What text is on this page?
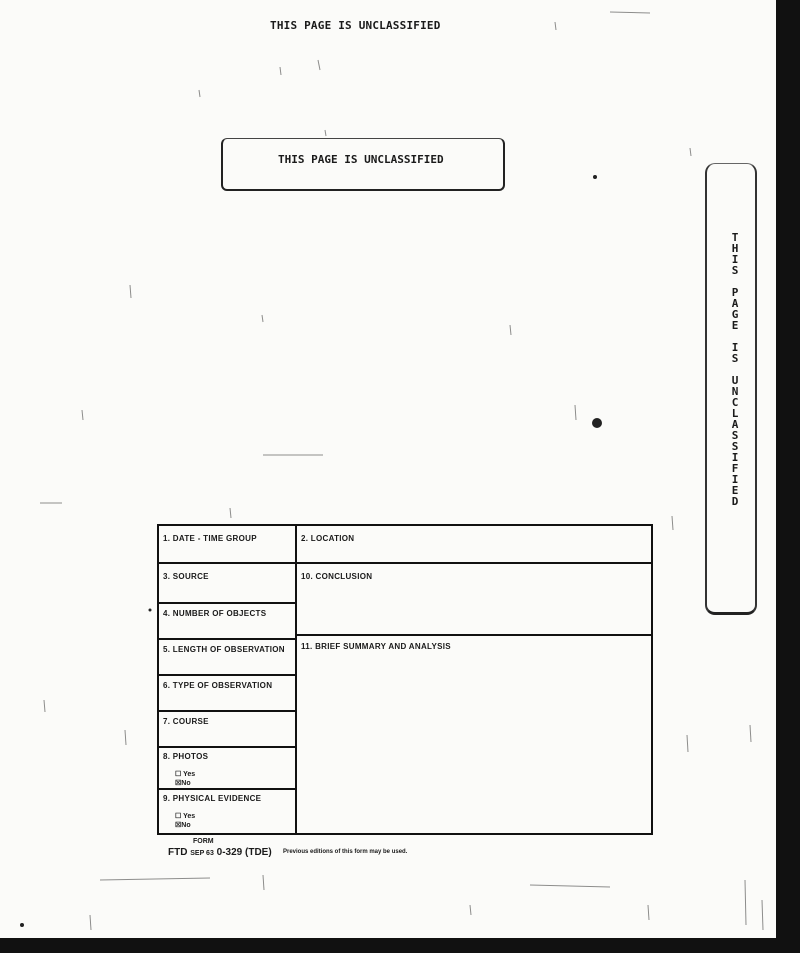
THIS PAGE IS UNCLASSIFIED
THIS PAGE IS UNCLASSIFIED
T
H
I
S

P
A
G
E

I
S

U
N
C
L
A
S
S
I
F
I
E
D
1. DATE - TIME GROUP	2. LOCATION
3. SOURCE	10. CONCLUSION
4. NUMBER OF OBJECTS
5. LENGTH OF OBSERVATION 11. BRIEF SUMMARY AND ANALYSIS
6. TYPE OF OBSERVATION
7. COURSE
8. PHOTOS
☐ Yes
☒No
9. PHYSICAL EVIDENCE
☐ Yes
☒No
FORM
FTD SEP 63 0-329 (TDE) Previous editions of this form may be used.
